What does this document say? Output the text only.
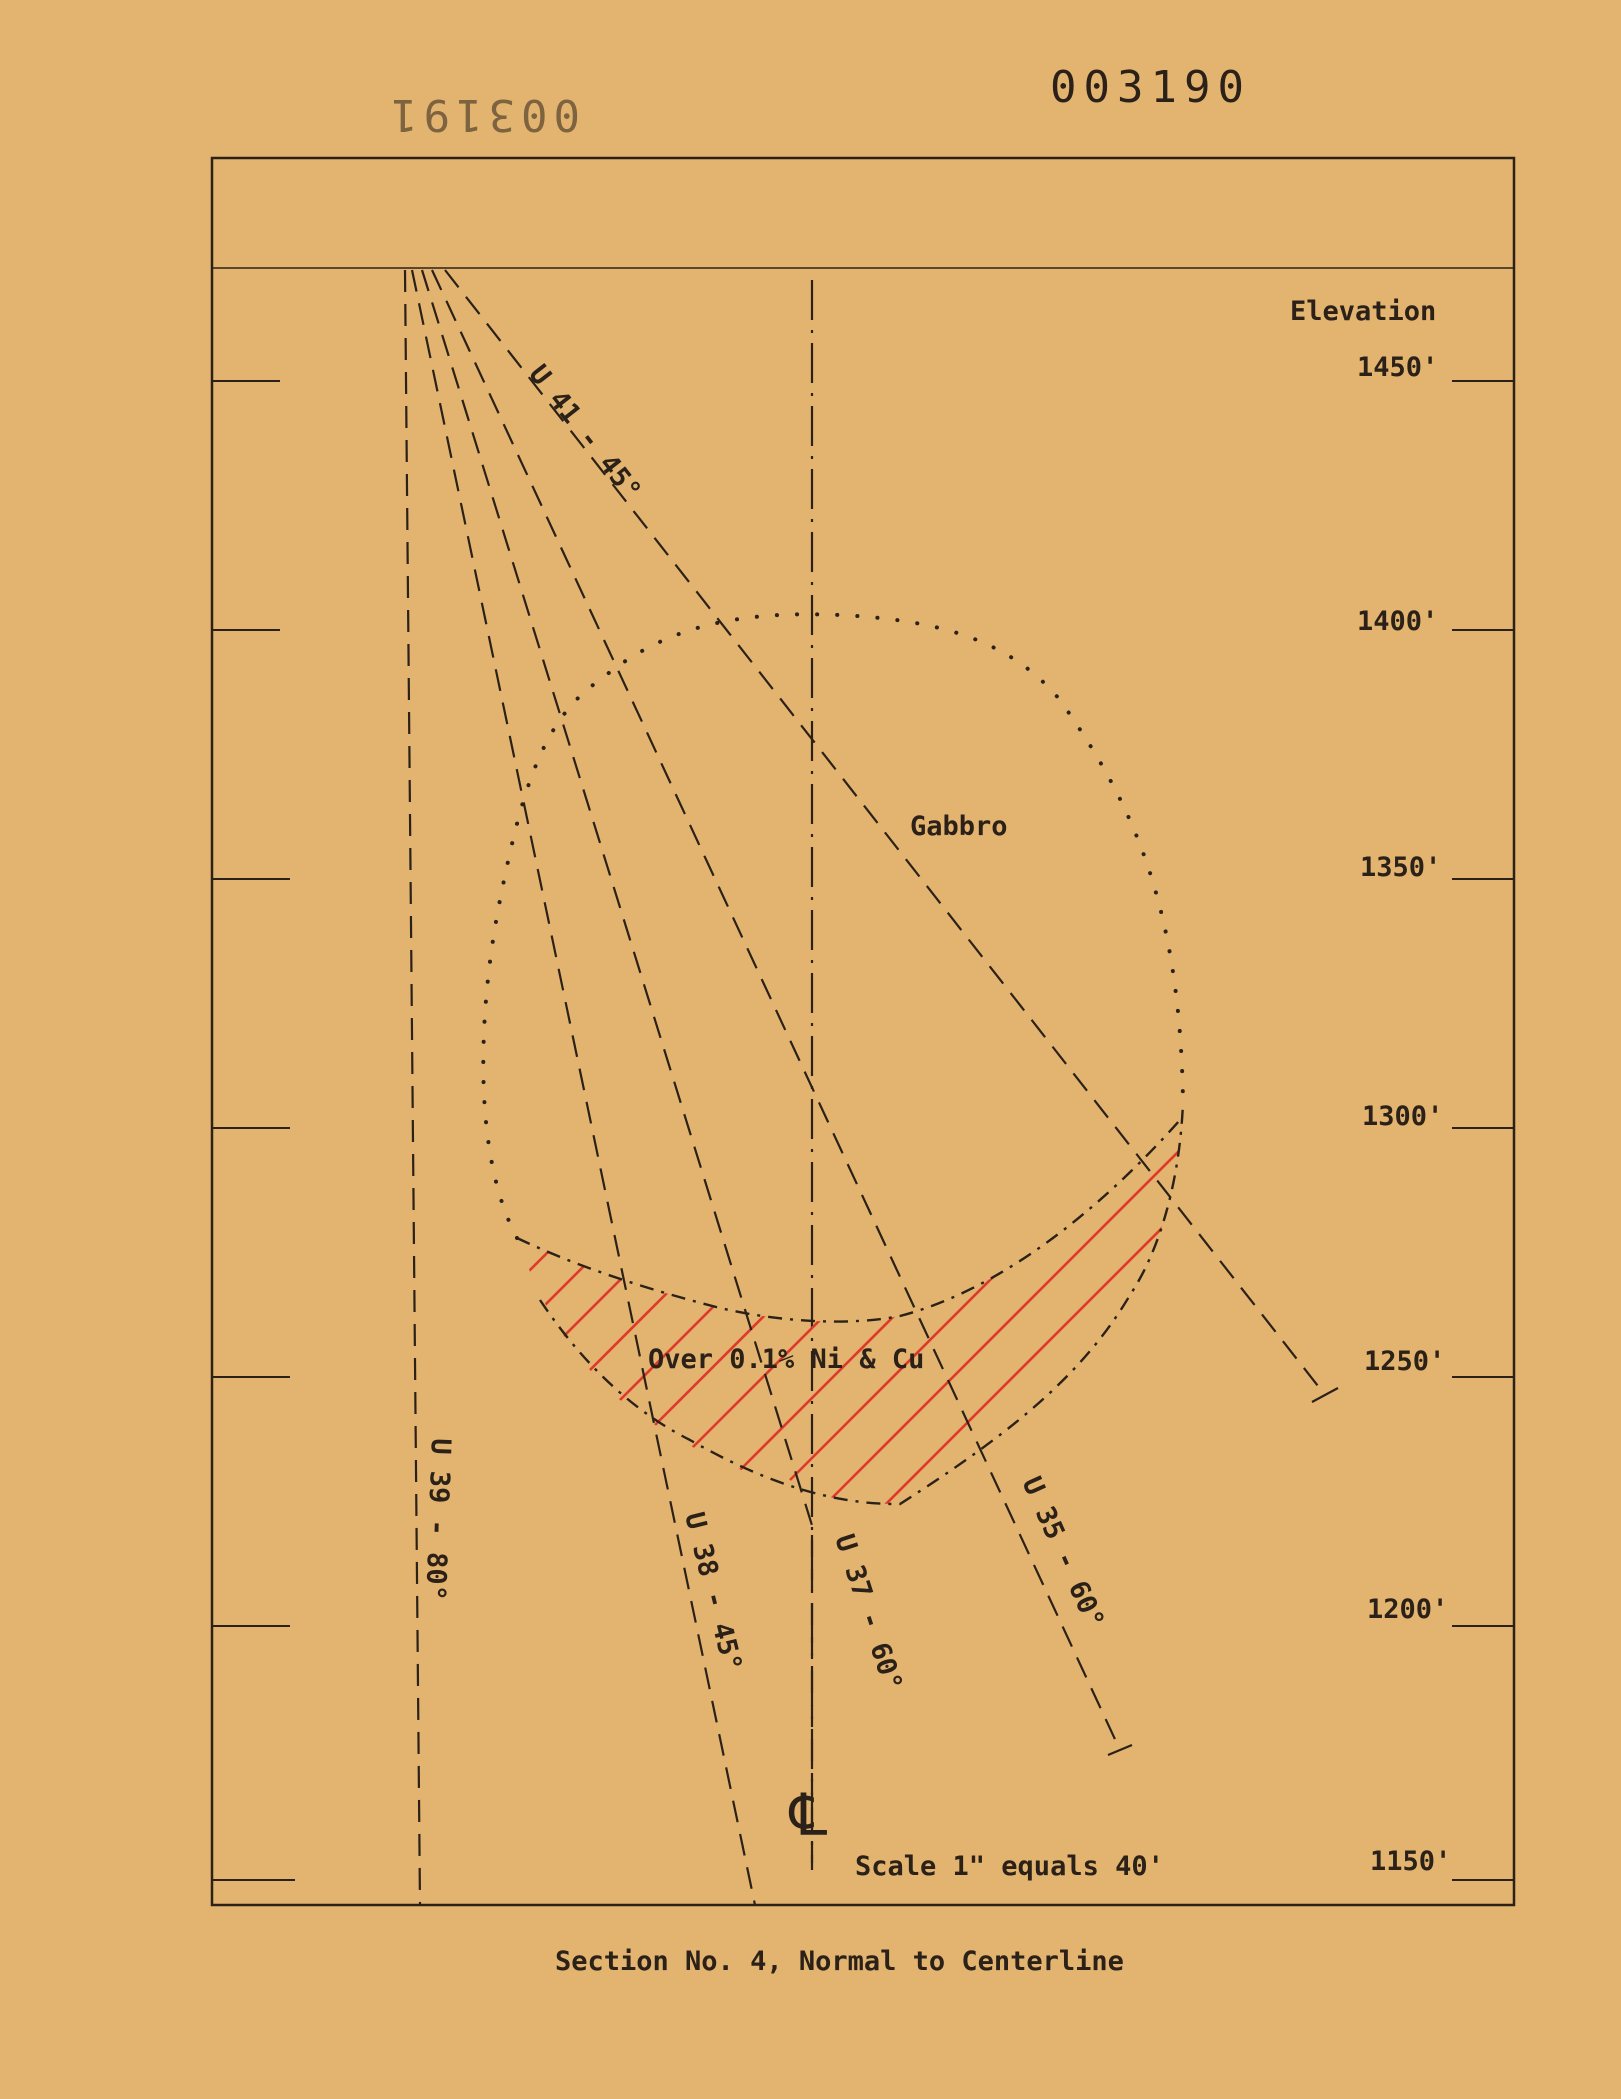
003191
003190
Elevation
1450'
1400'
1350'
1300'
1250'
1200'
1150'
℄
U 41 - 45°
U 39 - 80°	U 38 - 45°	U 37 - 60°	U 35 - 60°
Gabbro
Over 0.1% Ni & Cu
Scale 1" equals 40'
Section No. 4, Normal to Centerline
